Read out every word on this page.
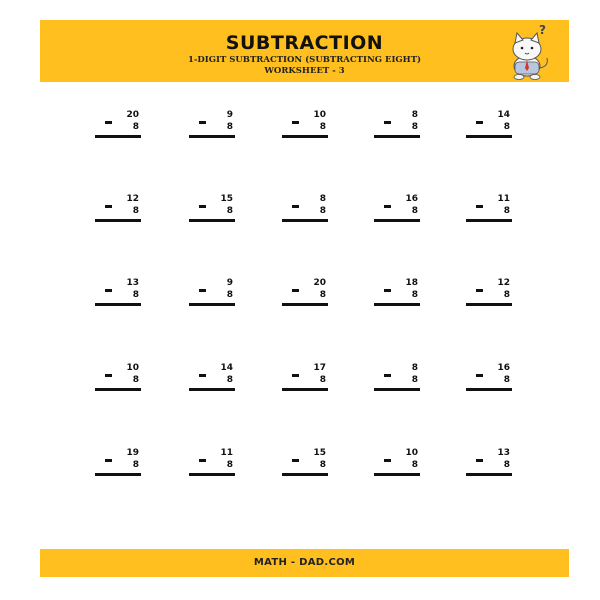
SUBTRACTION
1-DIGIT SUBTRACTION (SUBTRACTING EIGHT)
WORKSHEET - 3
?
20
8
9
8
10
8
8
8
14
8
12
8
15
8
8
8
16
8
11
8
13
8
9
8
20
8
18
8
12
8
10
8
14
8
17
8
8
8
16
8
19
8
11
8
15
8
10
8
13
8
MATH - DAD.COM
